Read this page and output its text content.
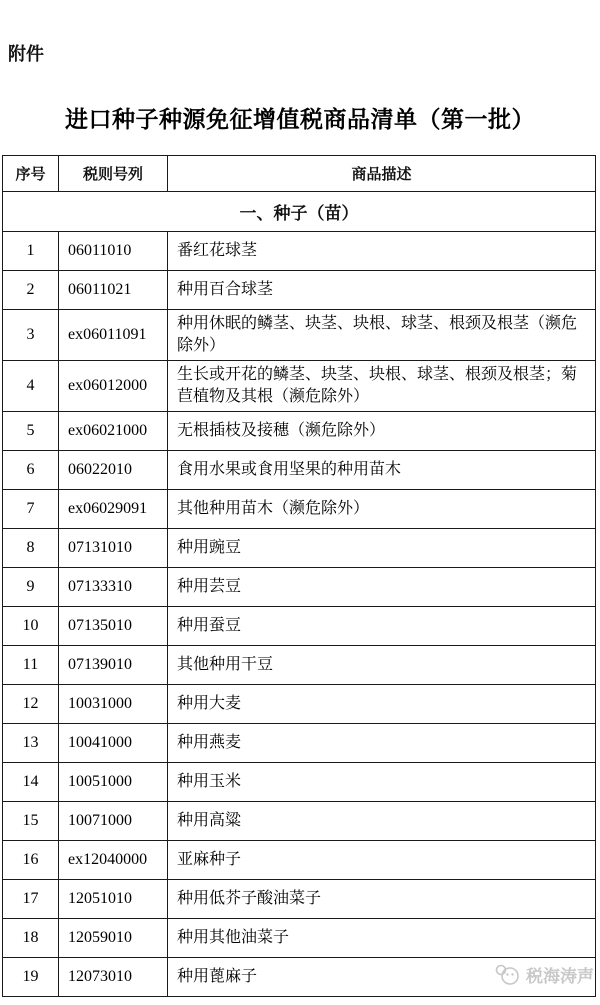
附件
进口种子种源免征增值税商品清单（第一批）
序号	税则号列	商品描述
一、种子（苗）		
1	06011010	番红花球茎
2	06011021	种用百合球茎
3	ex06011091	种用休眠的鳞茎、块茎、块根、球茎、根颈及根茎（濒危除外）
4	ex06012000	生长或开花的鳞茎、块茎、块根、球茎、根颈及根茎；菊苣植物及其根（濒危除外）
5	ex06021000	无根插枝及接穗（濒危除外）
6	06022010	食用水果或食用坚果的种用苗木
7	ex06029091	其他种用苗木（濒危除外）
8	07131010	种用豌豆
9	07133310	种用芸豆
10	07135010	种用蚕豆
11	07139010	其他种用干豆
12	10031000	种用大麦
13	10041000	种用燕麦
14	10051000	种用玉米
15	10071000	种用高粱
16	ex12040000	亚麻种子
17	12051010	种用低芥子酸油菜子
18	12059010	种用其他油菜子
19	12073010	种用蓖麻子	税海涛声
